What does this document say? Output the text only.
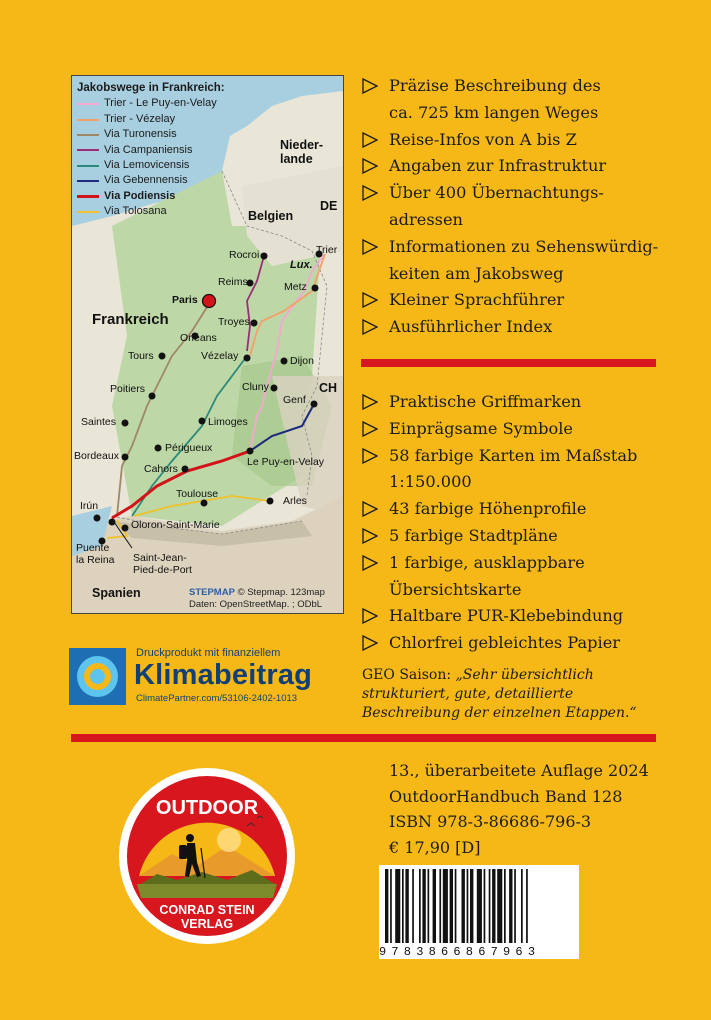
Jakobswege in Frankreich:
Trier - Le Puy-en-Velay
Trier - Vézelay
Via Turonensis
Via Campaniensis
Via Lemovicensis
Via Gebennensis
Via Podiensis
Via Tolosana
Nieder-
lande
Belgien
DE
Lux.
CH
Frankreich
Spanien
Paris
Rocroi
Reims
Trier
Metz
Troyes
Orléans
Tours	Vézelay	Dijon
Poitiers	Cluny
Genf
Saintes	Limoges
Périgueux
Bordeaux
Cahors
Le Puy-en-Velay
Toulouse
Arles
Irún
Oloron-Saint-Marie
Puente
la Reina Saint-Jean-
Pied-de-Port
STEPMAP © Stepmap. 123map
Daten: OpenStreetMap. ; ODbL
Präzise Beschreibung des
ca. 725 km langen Weges
Reise-Infos von A bis Z
Angaben zur Infrastruktur
Über 400 Übernachtungs-
adressen
Informationen zu Sehenswürdig-
keiten am Jakobsweg
Kleiner Sprachführer
Ausführlicher Index
Praktische Griffmarken
Einprägsame Symbole
58 farbige Karten im Maßstab
1:150.000
43 farbige Höhenprofile
5 farbige Stadtpläne
1 farbige, ausklappbare
Übersichtskarte
Haltbare PUR-Klebebindung
Chlorfrei gebleichtes Papier
Druckprodukt mit finanziellem
Klimabeitrag
ClimatePartner.com/53106-2402-1013
GEO Saison: „Sehr übersichtlich strukturiert, gute, detaillierte Beschreibung der einzelnen Etappen.“
OUTDOOR
CONRAD STEIN
VERLAG
13., überarbeitete Auflage 2024
OutdoorHandbuch Band 128
ISBN 978-3-86686-796-3
€ 17,90 [D]
9783866867963
